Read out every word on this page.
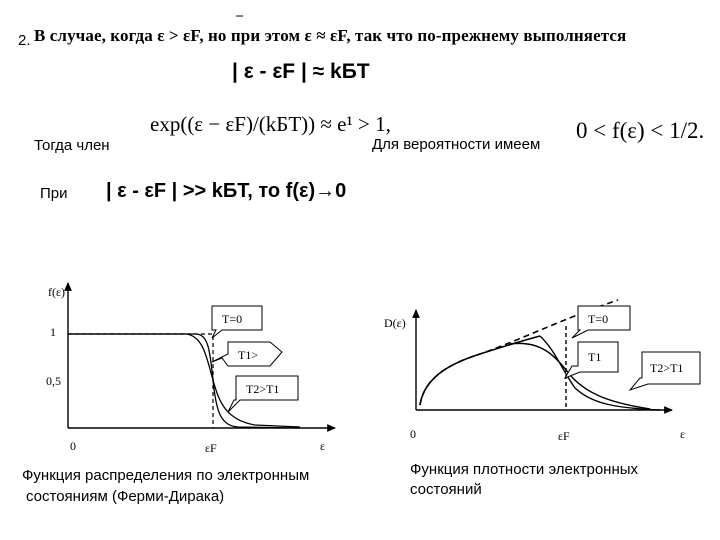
2. В случае, когда ε > εF, но при этом ε ≈ εF, так что по-прежнему выполняется
–
| ε - εF | ≈ kБT
Тогда член
exp((ε − εF)/(kБT)) ≈ e¹ > 1,
Для вероятности имеем
0 < f(ε) < 1/2.
При | ε - εF | >> kБT, то f(ε)→0
f(ε)
1
0,5
0	εF	ε
T=0
T1>
T2>T1
D(ε)
0	εF	ε
T=0
T1
T2>T1
Функция распределения по электронным
состояниям (Ферми-Дирака)
Функция плотности электронных
состояний
